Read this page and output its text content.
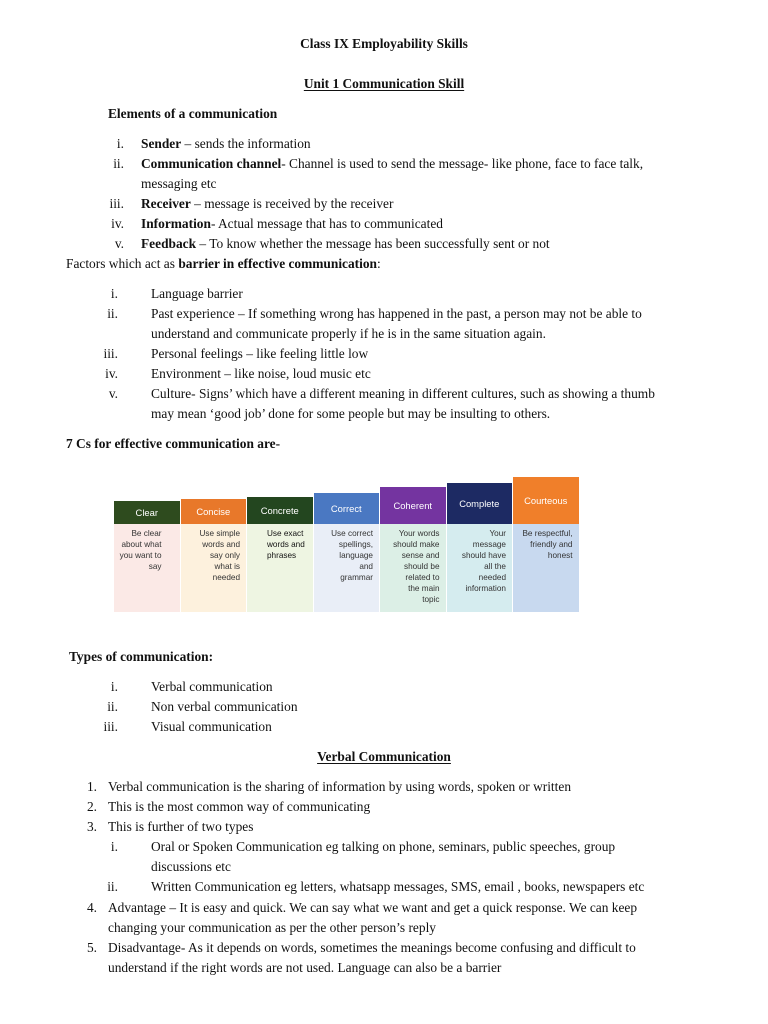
Class IX Employability Skills
Unit 1 Communication Skill
Elements of a communication
i. Sender – sends the information
ii. Communication channel- Channel is used to send the message- like phone, face to face talk,
messaging etc
iii. Receiver – message is received by the receiver
iv. Information- Actual message that has to communicated
v. Feedback – To know whether the message has been successfully sent or not
Factors which act as barrier in effective communication:
i. Language barrier
ii. Past experience – If something wrong has happened in the past, a person may not be able to
understand and communicate properly if he is in the same situation again.
iii. Personal feelings – like feeling little low
iv. Environment – like noise, loud music etc
v. Culture- Signs’ which have a different meaning in different cultures, such as showing a thumb
may mean ‘good job’ done for some people but may be insulting to others.
7 Cs for effective communication are-
Clear
Be clear
about what
you want to
say
Concise
Use simple
words and
say only
what is
needed
Concrete
Use exact
words and
phrases
Correct
Use correct
spellings,
language
and
grammar
Coherent
Your words
should make
sense and
should be
related to
the main
topic
Complete
Your
message
should have
all the
needed
information
Courteous
Be respectful,
friendly and
honest
Types of communication:
i. Verbal communication
ii. Non verbal communication
iii. Visual communication
Verbal Communication
1. Verbal communication is the sharing of information by using words, spoken or written
2. This is the most common way of communicating
3. This is further of two types
i. Oral or Spoken Communication eg talking on phone, seminars, public speeches, group
discussions etc
ii. Written Communication eg letters, whatsapp messages, SMS, email , books, newspapers etc
4. Advantage – It is easy and quick. We can say what we want and get a quick response. We can keep
changing your communication as per the other person’s reply
5. Disadvantage- As it depends on words, sometimes the meanings become confusing and difficult to
understand if the right words are not used. Language can also be a barrier
